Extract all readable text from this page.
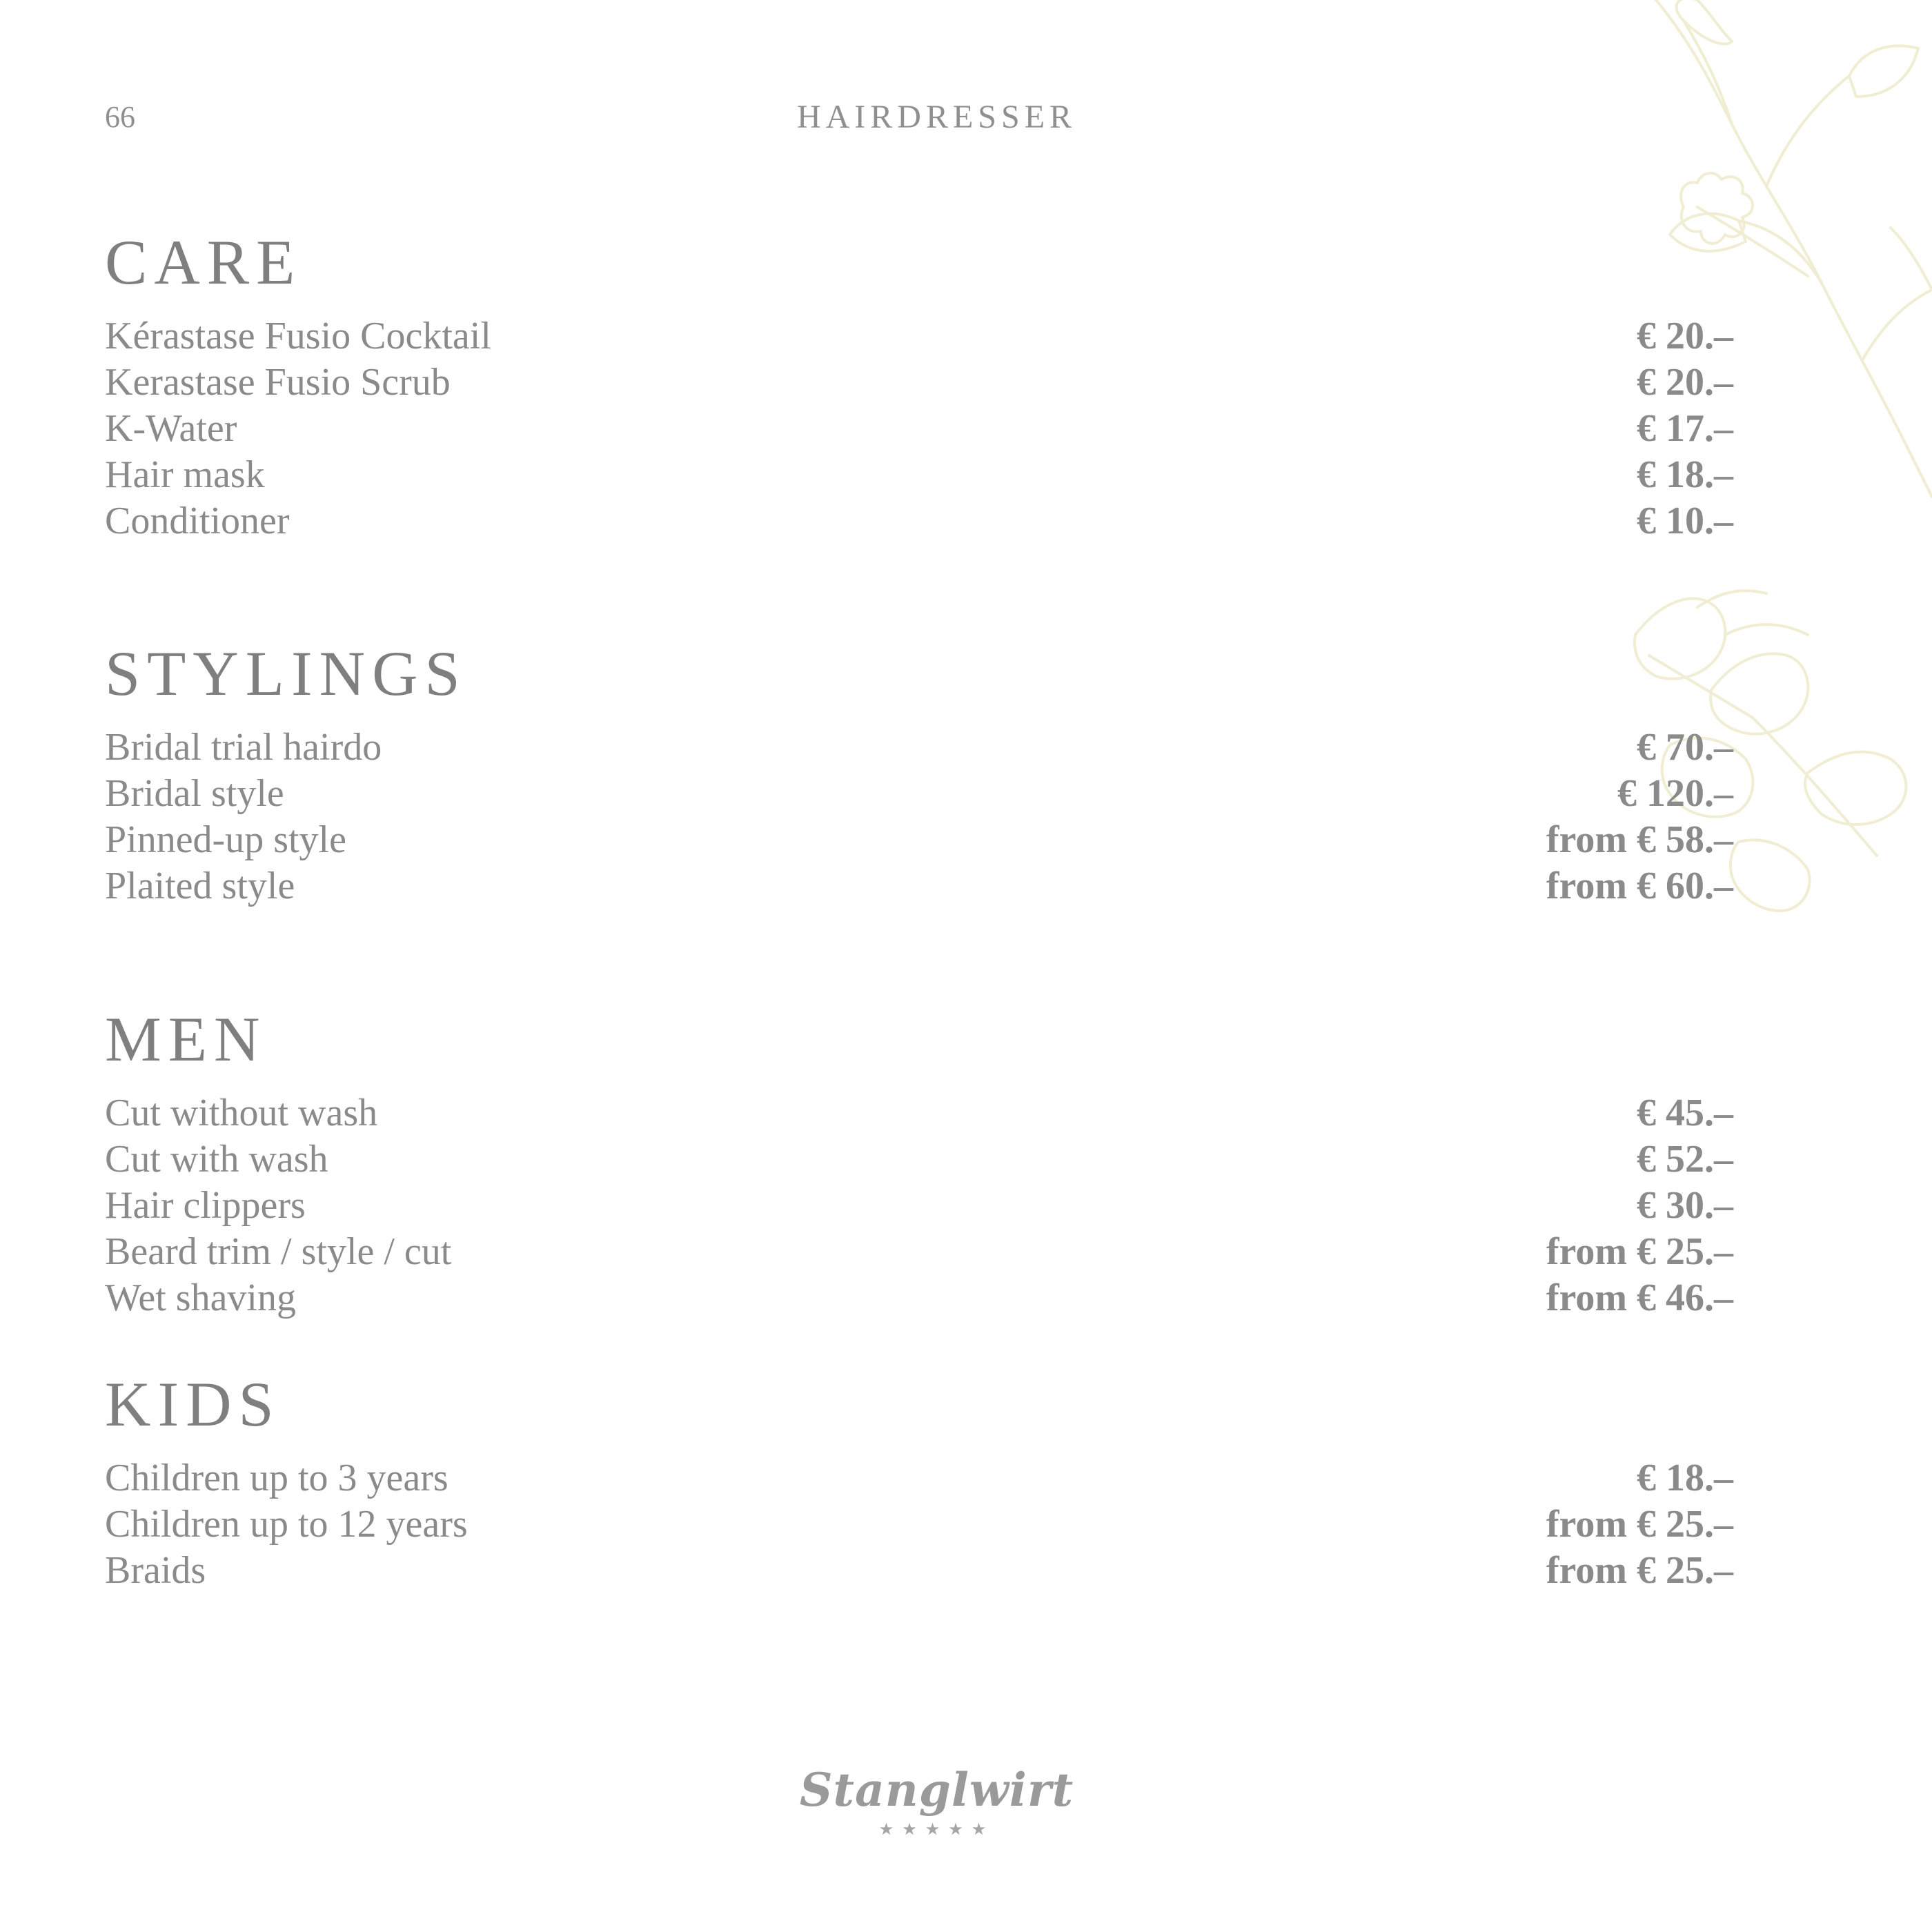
66	HAIRDRESSER
CARE
Kérastase Fusio Cocktail	€ 20.–
Kerastase Fusio Scrub	€ 20.–
K-Water	€ 17.–
Hair mask	€ 18.–
Conditioner	€ 10.–
STYLINGS
Bridal trial hairdo	€ 70.–
Bridal style	€ 120.–
Pinned-up style	from € 58.–
Plaited style	from € 60.–
MEN
Cut without wash	€ 45.–
Cut with wash	€ 52.–
Hair clippers	€ 30.–
Beard trim / style / cut	from € 25.–
Wet shaving	from € 46.–
KIDS
Children up to 3 years	€ 18.–
Children up to 12 years	from € 25.–
Braids	from € 25.–
Stanglwirt
★★★★★
